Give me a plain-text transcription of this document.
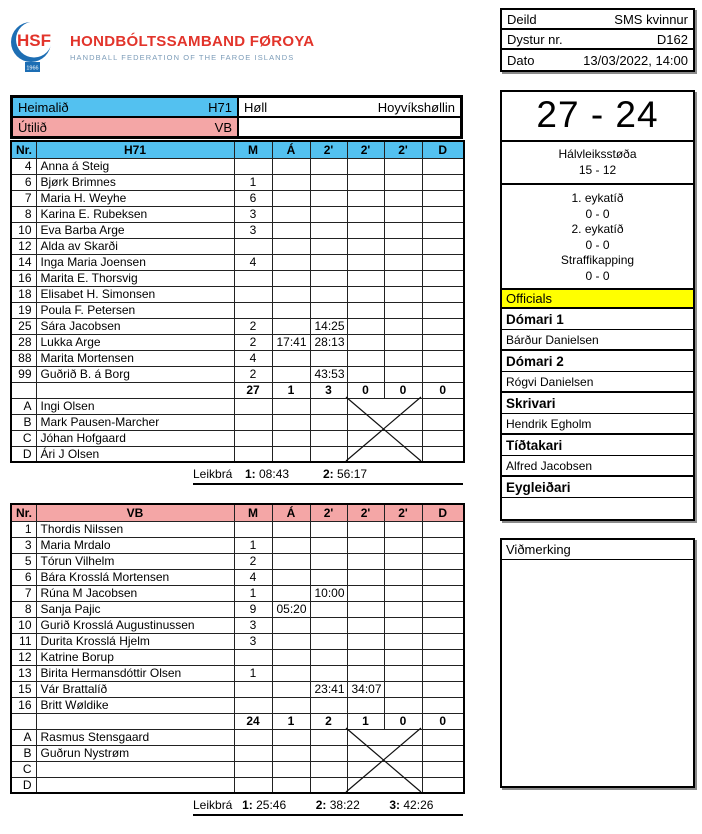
HSF
1966
HONDBÓLTSSAMBAND FØROYA
HANDBALL FEDERATION OF THE FAROE ISLANDS
Heimalið	H71 Høll	Hoyvíkshøllin
Útilið	VB
Nr.	H71	M	Á	2'	2'	2'	D
4	Anna á Steig						
6	Bjørk Brimnes	1					
7	Maria H. Weyhe	6					
8	Karina E. Rubeksen	3					
10	Eva Barba Arge	3					
12	Alda av Skarði						
14	Inga Maria Joensen	4					
16	Marita E. Thorsvig						
18	Elisabet H. Simonsen						
19	Poula F. Petersen						
25	Sára Jacobsen	2		14:25			
28	Lukka Arge	2	17:41	28:13			
88	Marita Mortensen	4					
99	Guðrið B. á Borg	2		43:53			
		27	1	3	0	0	0
A	Ingi Olsen						
B	Mark Pausen-Marcher						
C	Jóhan Hofgaard						
D	Ári J Olsen						
Leikbrá	1: 08:43	2: 56:17
Nr.	VB	M	Á	2'	2'	2'	D
1	Thordis Nilssen						
3	Maria Mrdalo	1					
5	Tórun Vilhelm	2					
6	Bára Krosslá Mortensen	4					
7	Rúna M Jacobsen	1		10:00			
8	Sanja Pajic	9	05:20				
10	Gurið Krosslá Augustinussen	3					
11	Durita Krosslá Hjelm	3					
12	Katrine Borup						
13	Birita Hermansdóttir Olsen	1					
15	Vár Brattalíð			23:41	34:07		
16	Britt Wøldike						
		24	1	2	1	0	0
A	Rasmus Stensgaard						
B	Guðrun Nystrøm						
C							
D							
Leikbrá 1: 25:46	2: 38:22	3: 42:26
Deild	SMS kvinnur
Dystur nr.	D162
Dato	13/03/2022, 14:00
27 - 24
Hálvleiksstøða
15 - 12
1. eykatíð
0 - 0
2. eykatíð
0 - 0
Straffikapping
0 - 0
Officials
Dómari 1
Bárður Danielsen
Dómari 2
Rógvi Danielsen
Skrivari
Hendrik Egholm
Tíðtakari
Alfred Jacobsen
Eygleiðari
Viðmerking
